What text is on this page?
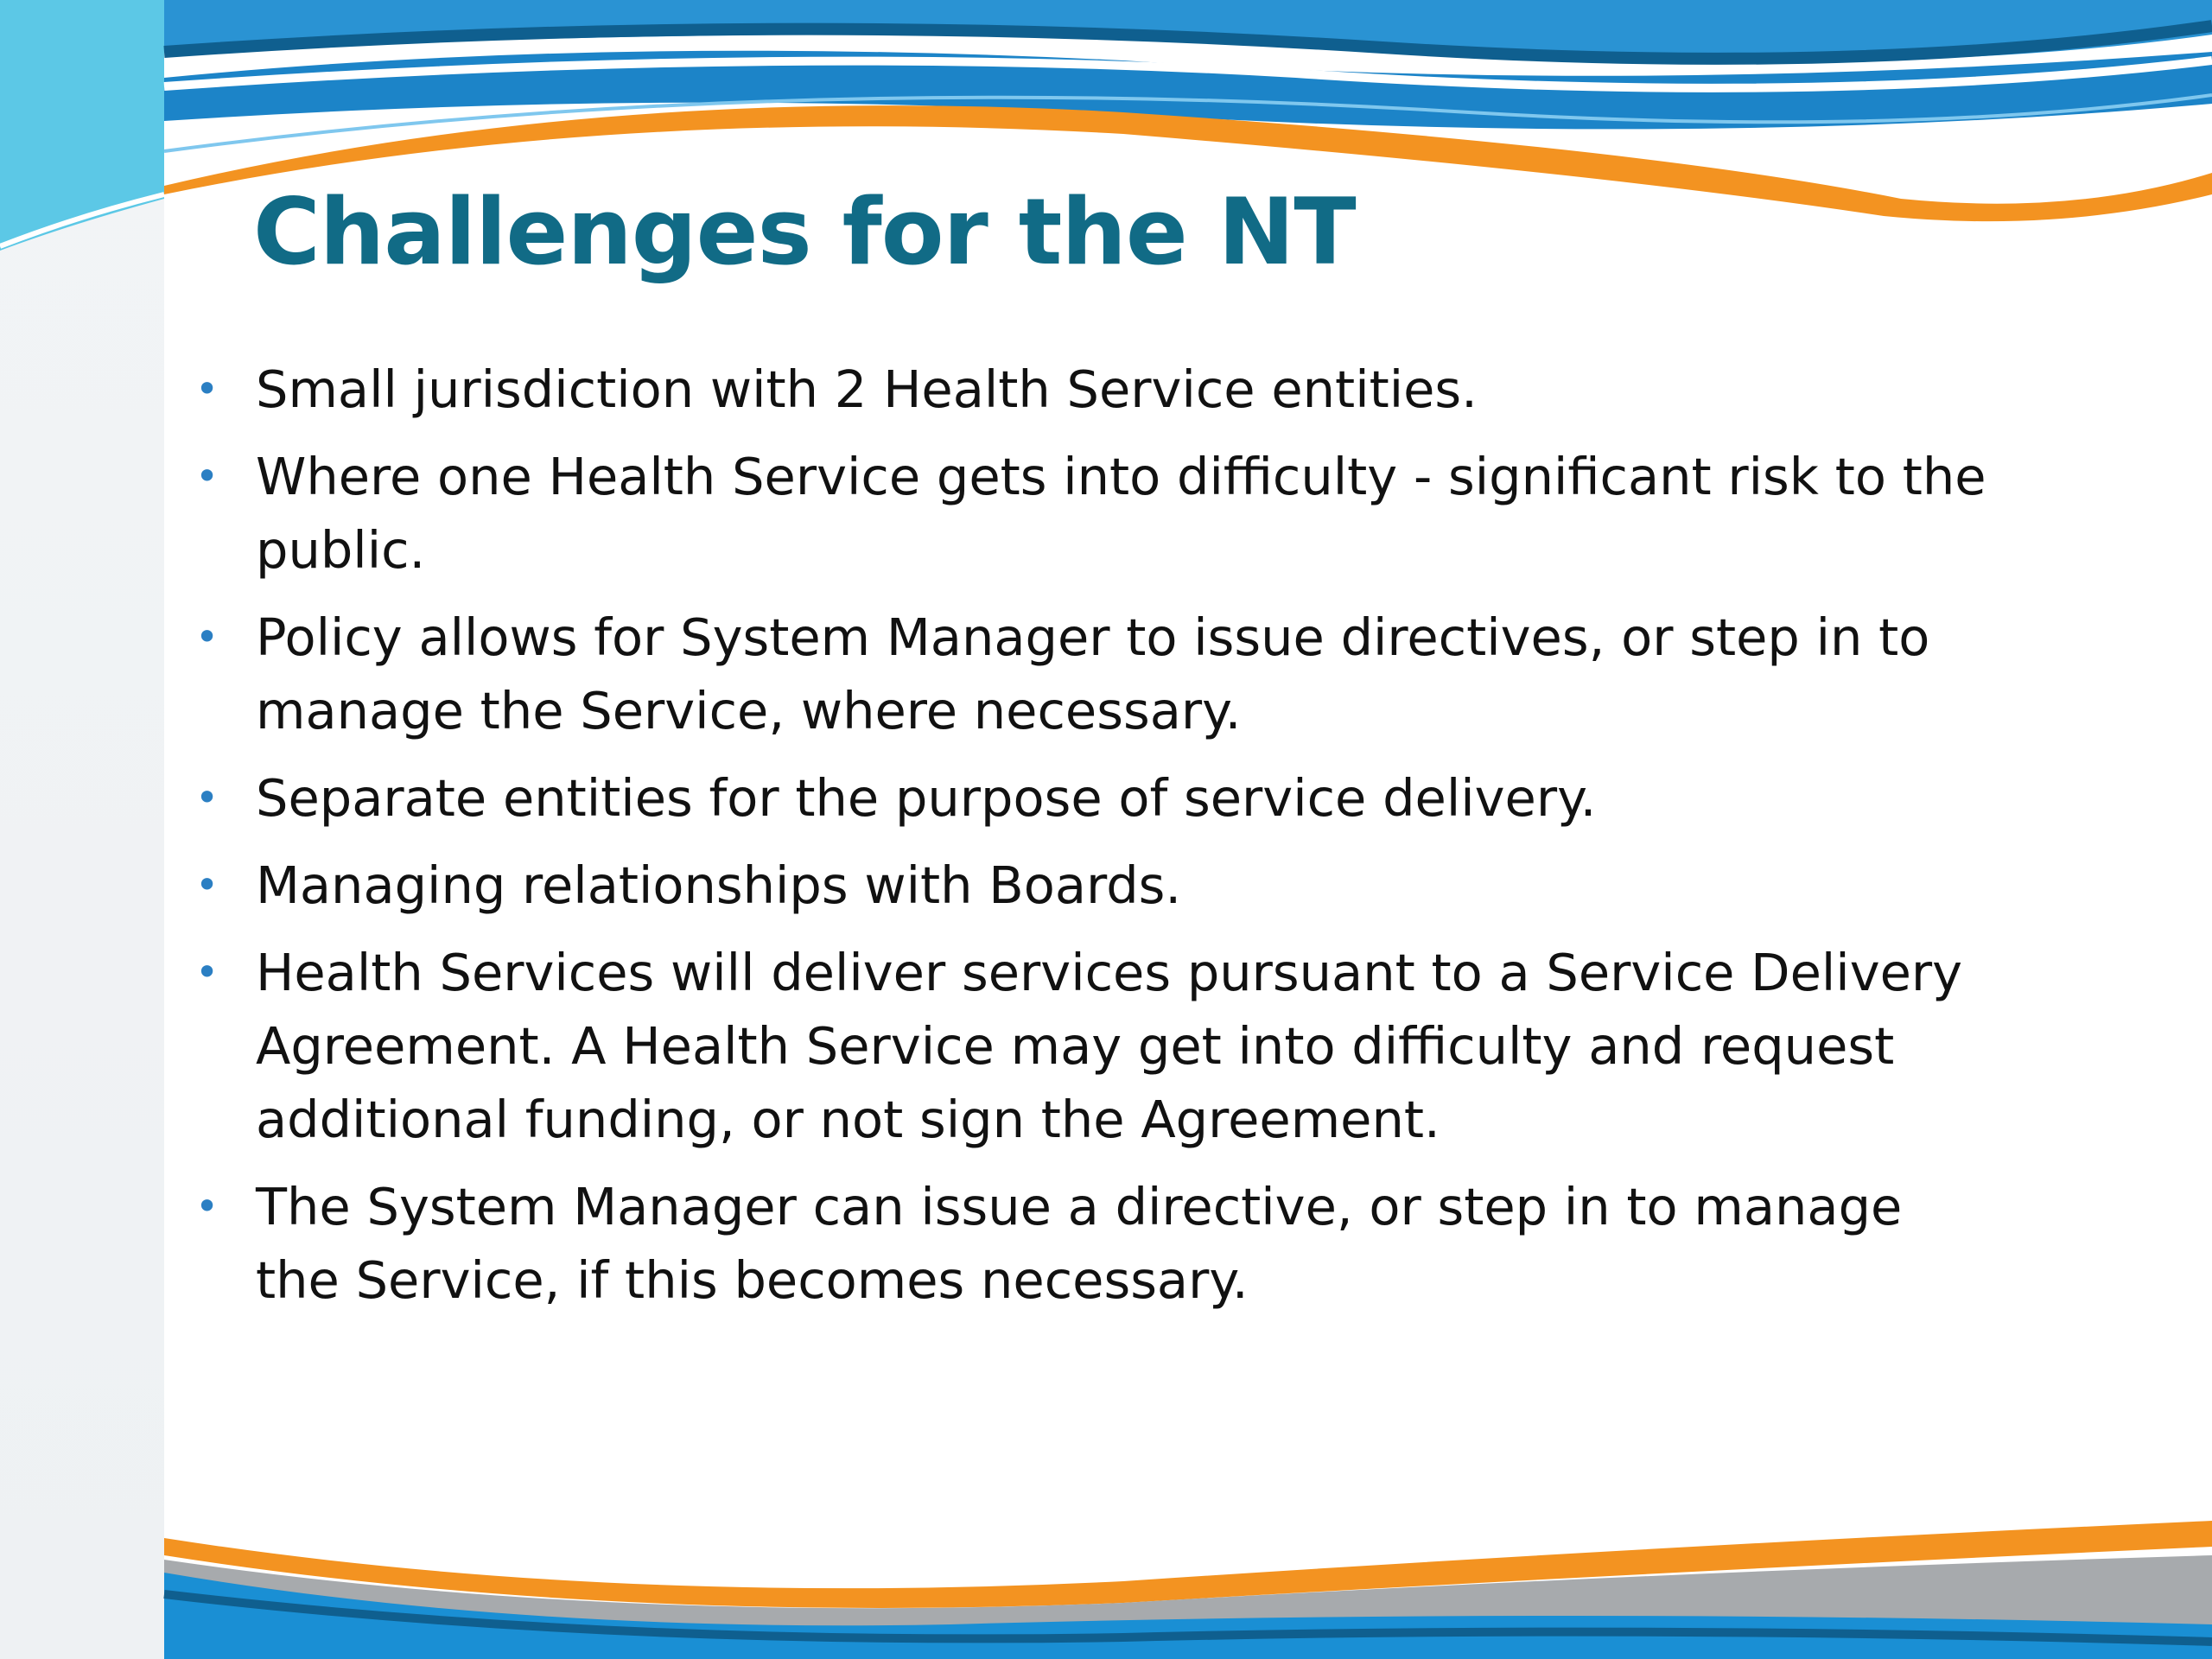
Challenges for the NT
• Small jurisdiction with 2 Health Service entities.
• Where one Health Service gets into difficulty - significant risk to the public.
• Policy allows for System Manager to issue directives, or step in to manage the Service, where necessary.
• Separate entities for the purpose of service delivery.
• Managing relationships with Boards.
• Health Services will deliver services pursuant to a Service Delivery Agreement. A Health Service may get into difficulty and request additional funding, or not sign the Agreement.
• The System Manager can issue a directive, or step in to manage the Service, if this becomes necessary.
